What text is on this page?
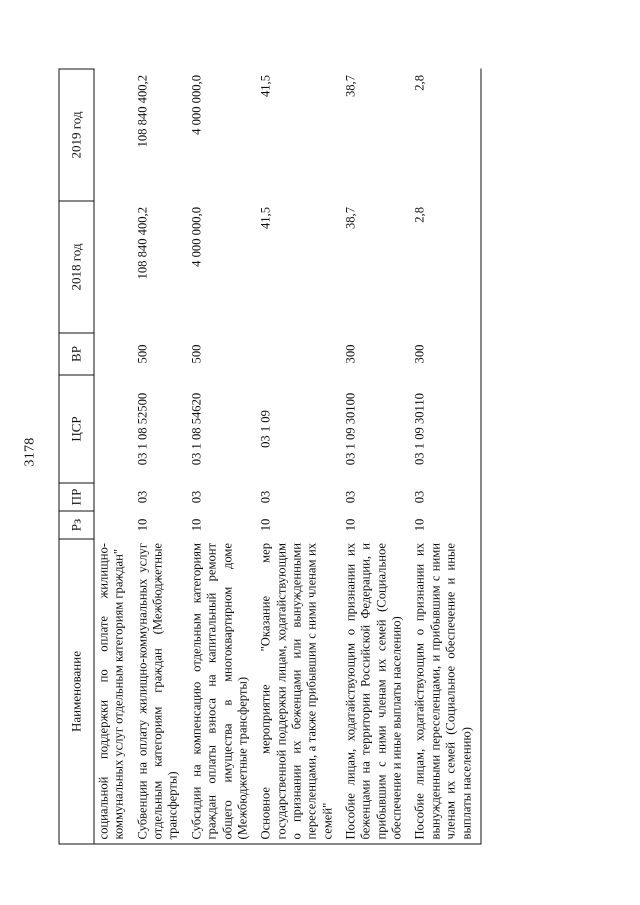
3178
Наименование	Рз	ПР	ЦСР	ВР	2018 год	2019 год
социальной поддержки по оплате жилищно-коммунальных услуг отдельным категориям граждан"						
Субвенции на оплату жилищно-коммунальных услуг отдельным категориям граждан (Межбюджетные трансферты)	10	03	03 1 08 52500	500	108 840 400,2	108 840 400,2
Субсидии на компенсацию отдельным категориям граждан оплаты взноса на капитальный ремонт общего имущества в многоквартирном доме (Межбюджетные трансферты)	10	03	03 1 08 54620	500	4 000 000,0	4 000 000,0
Основное мероприятие "Оказание мер государственной поддержки лицам, ходатайствующим о признании их беженцами или вынужденными переселенцами, а также прибывшим с ними членам их семей"	10	03	03 1 09		41,5	41,5
Пособие лицам, ходатайствующим о признании их беженцами на территории Российской Федерации, и прибывшим с ними членам их семей (Социальное обеспечение и иные выплаты населению)	10	03	03 1 09 30100	300	38,7	38,7
Пособие лицам, ходатайствующим о признании их вынужденными переселенцами, и прибывшим с ними членам их семей (Социальное обеспечение и иные выплаты населению)	10	03	03 1 09 30110	300	2,8	2,8
